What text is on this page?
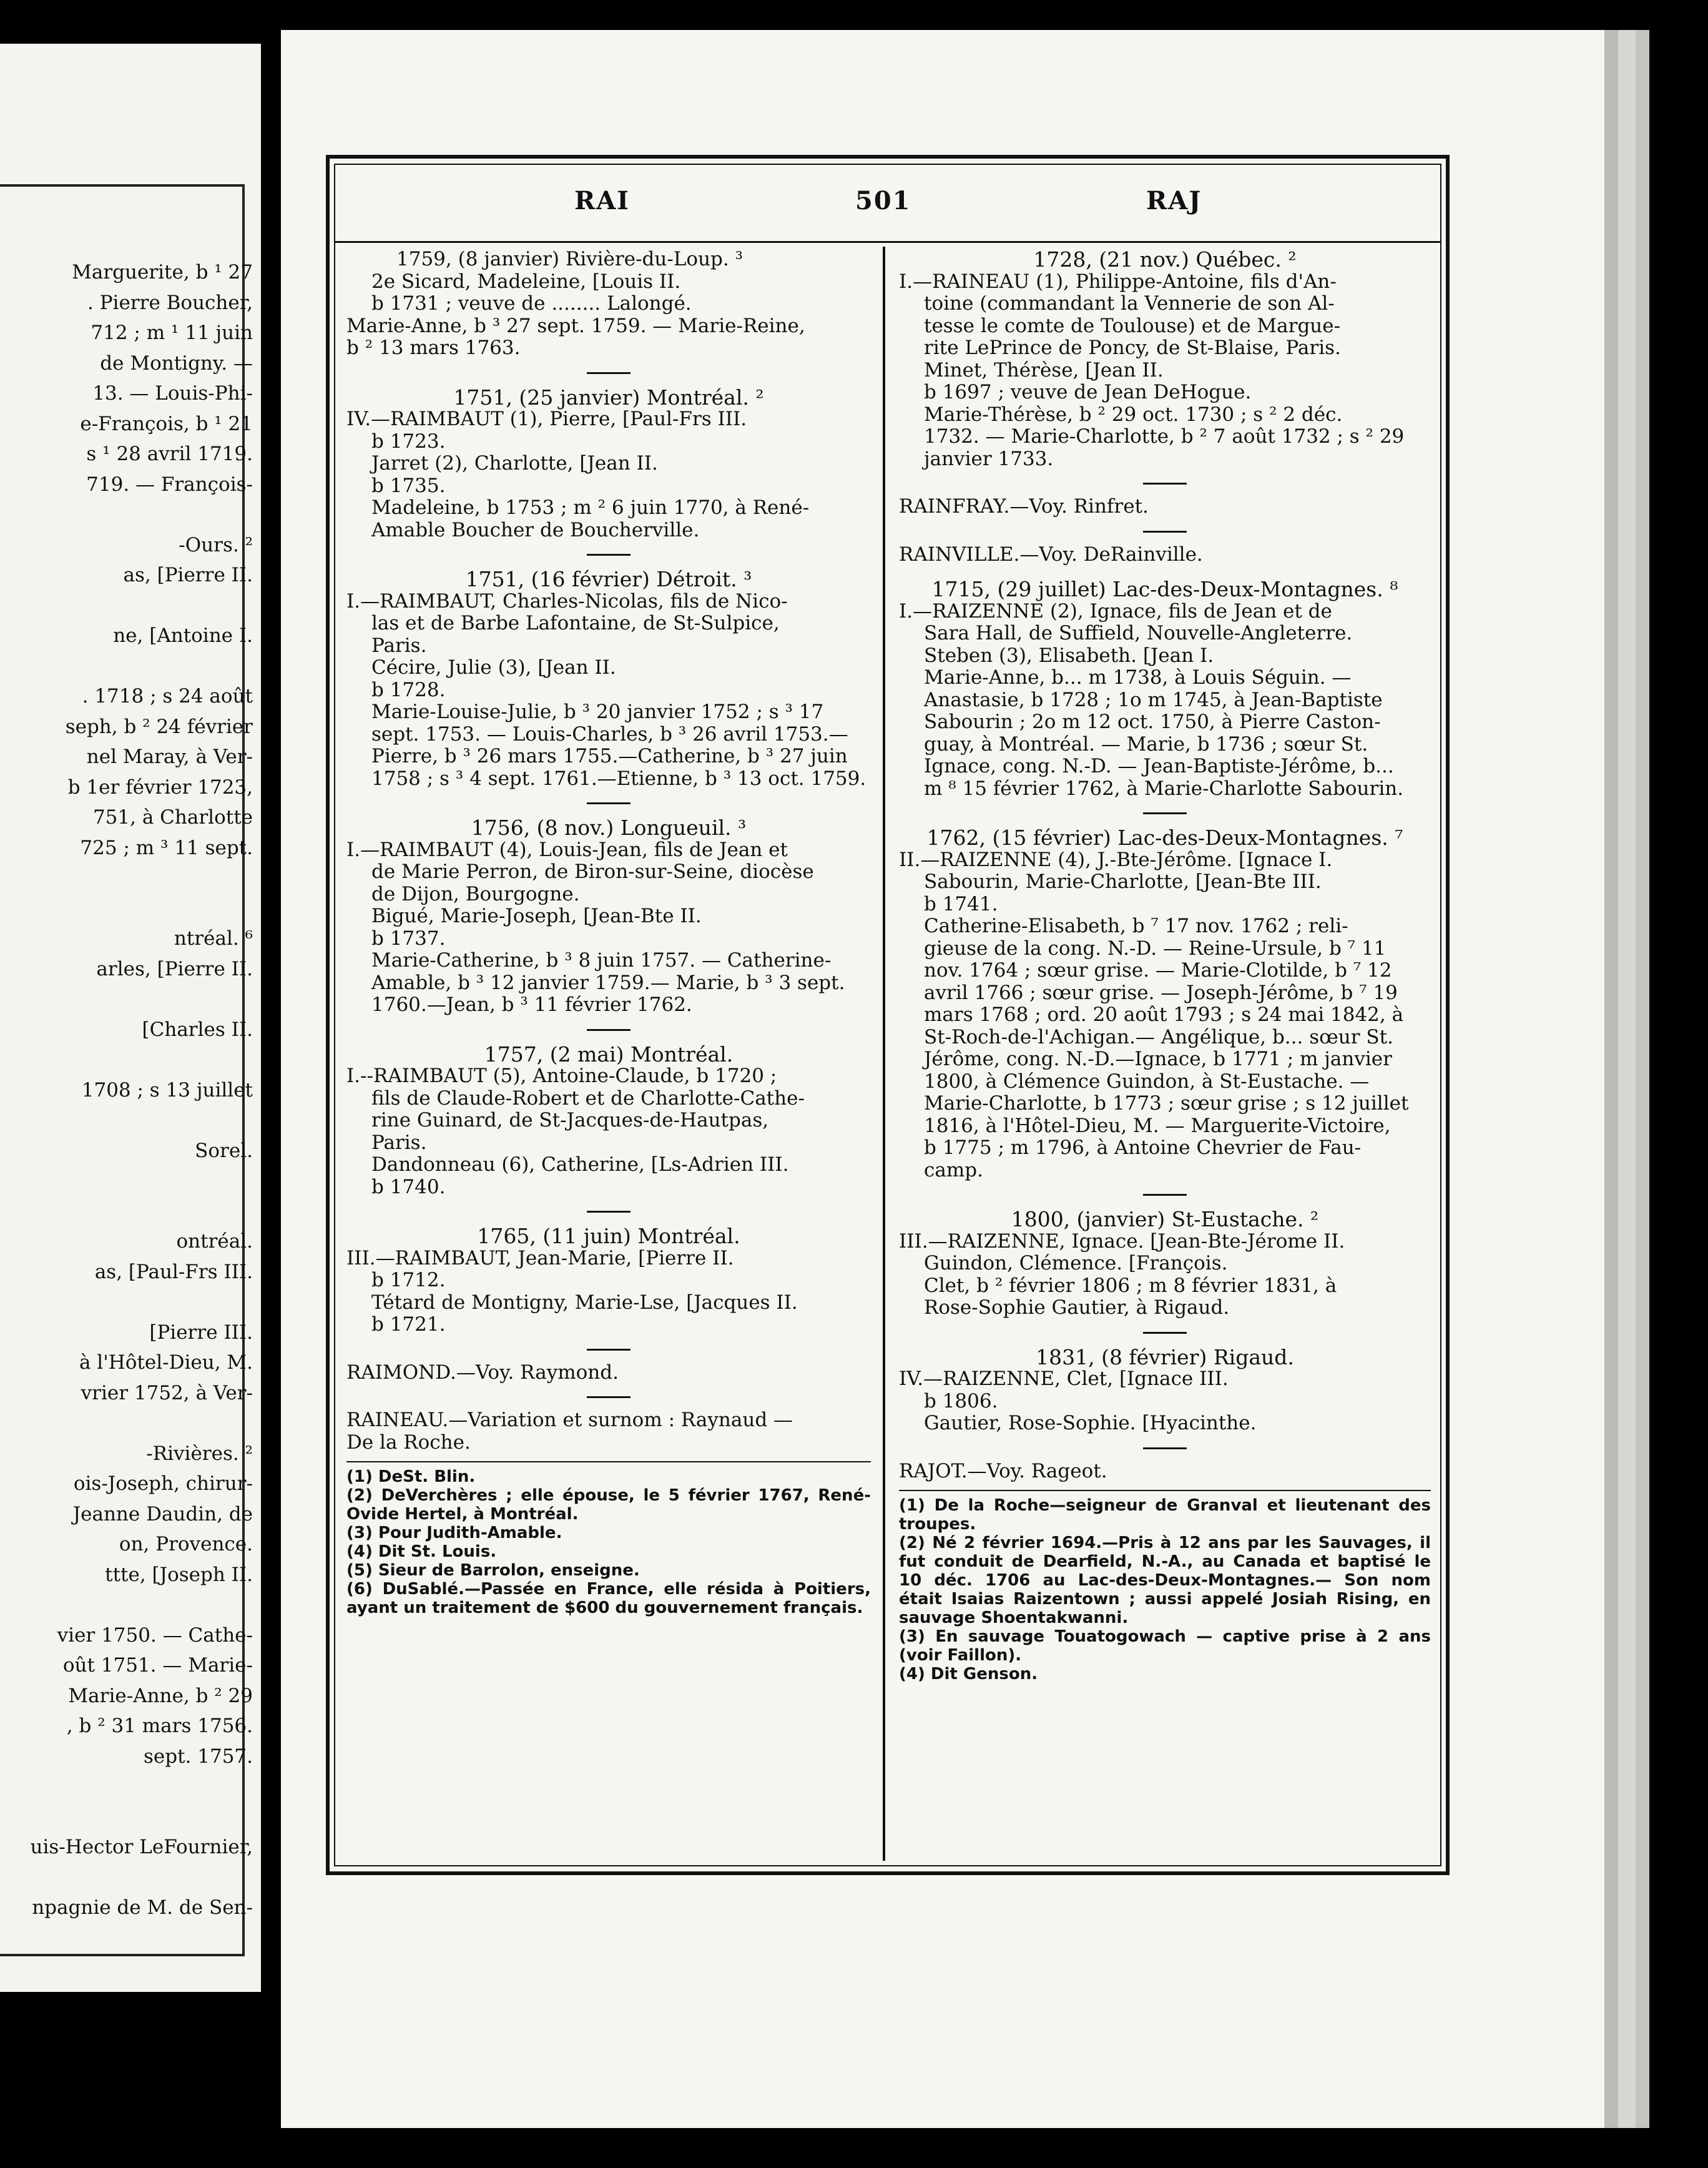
Marguerite, b ¹ 27
. Pierre Boucher,
712 ; m ¹ 11 juin
de Montigny. —
13. — Louis-Phi-
e-François, b ¹ 21
s ¹ 28 avril 1719.
719. — François-
-Ours. ²
as, [Pierre II.
ne, [Antoine I.
. 1718 ; s 24 août
seph, b ² 24 février
nel Maray, à Ver-
b 1er février 1723,
751, à Charlotte
725 ; m ³ 11 sept.
ntréal. ⁶
arles, [Pierre II.
[Charles II.
1708 ; s 13 juillet
Sorel.
ontréal.
as, [Paul-Frs III.
[Pierre III.
à l'Hôtel-Dieu, M.
vrier 1752, à Ver-
-Rivières. ²
ois-Joseph, chirur-
Jeanne Daudin, de
on, Provence.
ttte, [Joseph II.
vier 1750. — Cathe-
oût 1751. — Marie-
Marie-Anne, b ² 29
, b ² 31 mars 1756.
sept. 1757.
uis-Hector LeFournier,
npagnie de M. de Sen-
RAI	501	RAJ

1759, (8 janvier) Rivière-du-Loup. ³

2e Sicard, Madeleine, [Louis II.

b 1731 ; veuve de ........ Lalongé.

Marie-Anne, b ³ 27 sept. 1759. — Marie-Reine,

b ² 13 mars 1763.

1751, (25 janvier) Montréal. ²

IV.—RAIMBAUT (1), Pierre, [Paul-Frs III.

b 1723.

Jarret (2), Charlotte, [Jean II.

b 1735.

Madeleine, b 1753 ; m ² 6 juin 1770, à René-

Amable Boucher de Boucherville.

1751, (16 février) Détroit. ³

I.—RAIMBAUT, Charles-Nicolas, fils de Nico-

las et de Barbe Lafontaine, de St-Sulpice,

Paris.

Cécire, Julie (3), [Jean II.

b 1728.

Marie-Louise-Julie, b ³ 20 janvier 1752 ; s ³ 17

sept. 1753. — Louis-Charles, b ³ 26 avril 1753.—

Pierre, b ³ 26 mars 1755.—Catherine, b ³ 27 juin

1758 ; s ³ 4 sept. 1761.—Etienne, b ³ 13 oct. 1759.

1756, (8 nov.) Longueuil. ³

I.—RAIMBAUT (4), Louis-Jean, fils de Jean et

de Marie Perron, de Biron-sur-Seine, diocèse

de Dijon, Bourgogne.

Bigué, Marie-Joseph, [Jean-Bte II.

b 1737.

Marie-Catherine, b ³ 8 juin 1757. — Catherine-

Amable, b ³ 12 janvier 1759.— Marie, b ³ 3 sept.

1760.—Jean, b ³ 11 février 1762.

1757, (2 mai) Montréal.

I.--RAIMBAUT (5), Antoine-Claude, b 1720 ;

fils de Claude-Robert et de Charlotte-Cathe-

rine Guinard, de St-Jacques-de-Hautpas,

Paris.

Dandonneau (6), Catherine, [Ls-Adrien III.

b 1740.

1765, (11 juin) Montréal.

III.—RAIMBAUT, Jean-Marie, [Pierre II.

b 1712.

Tétard de Montigny, Marie-Lse, [Jacques II.

b 1721.

RAIMOND.—Voy. Raymond.

RAINEAU.—Variation et surnom : Raynaud —

De la Roche.

(1) DeSt. Blin.

(2) DeVerchères ; elle épouse, le 5 février 1767, René-Ovide Hertel, à Montréal.

(3) Pour Judith-Amable.

(4) Dit St. Louis.

(5) Sieur de Barrolon, enseigne.

(6) DuSablé.—Passée en France, elle résida à Poitiers, ayant un traitement de $600 du gouvernement français.

1728, (21 nov.) Québec. ²

I.—RAINEAU (1), Philippe-Antoine, fils d'An-

toine (commandant la Vennerie de son Al-

tesse le comte de Toulouse) et de Margue-

rite LePrince de Poncy, de St-Blaise, Paris.

Minet, Thérèse, [Jean II.

b 1697 ; veuve de Jean DeHogue.

Marie-Thérèse, b ² 29 oct. 1730 ; s ² 2 déc.

1732. — Marie-Charlotte, b ² 7 août 1732 ; s ² 29

janvier 1733.

RAINFRAY.—Voy. Rinfret.

RAINVILLE.—Voy. DeRainville.

1715, (29 juillet) Lac-des-Deux-Montagnes. ⁸

I.—RAIZENNE (2), Ignace, fils de Jean et de

Sara Hall, de Suffield, Nouvelle-Angleterre.

Steben (3), Elisabeth. [Jean I.

Marie-Anne, b... m 1738, à Louis Séguin. —

Anastasie, b 1728 ; 1o m 1745, à Jean-Baptiste

Sabourin ; 2o m 12 oct. 1750, à Pierre Caston-

guay, à Montréal. — Marie, b 1736 ; sœur St.

Ignace, cong. N.-D. — Jean-Baptiste-Jérôme, b...

m ⁸ 15 février 1762, à Marie-Charlotte Sabourin.

1762, (15 février) Lac-des-Deux-Montagnes. ⁷

II.—RAIZENNE (4), J.-Bte-Jérôme. [Ignace I.

Sabourin, Marie-Charlotte, [Jean-Bte III.

b 1741.

Catherine-Elisabeth, b ⁷ 17 nov. 1762 ; reli-

gieuse de la cong. N.-D. — Reine-Ursule, b ⁷ 11

nov. 1764 ; sœur grise. — Marie-Clotilde, b ⁷ 12

avril 1766 ; sœur grise. — Joseph-Jérôme, b ⁷ 19

mars 1768 ; ord. 20 août 1793 ; s 24 mai 1842, à

St-Roch-de-l'Achigan.— Angélique, b... sœur St.

Jérôme, cong. N.-D.—Ignace, b 1771 ; m janvier

1800, à Clémence Guindon, à St-Eustache. —

Marie-Charlotte, b 1773 ; sœur grise ; s 12 juillet

1816, à l'Hôtel-Dieu, M. — Marguerite-Victoire,

b 1775 ; m 1796, à Antoine Chevrier de Fau-

camp.

1800, (janvier) St-Eustache. ²

III.—RAIZENNE, Ignace. [Jean-Bte-Jérome II.

Guindon, Clémence. [François.

Clet, b ² février 1806 ; m 8 février 1831, à

Rose-Sophie Gautier, à Rigaud.

1831, (8 février) Rigaud.

IV.—RAIZENNE, Clet, [Ignace III.

b 1806.

Gautier, Rose-Sophie. [Hyacinthe.

RAJOT.—Voy. Rageot.

(1) De la Roche—seigneur de Granval et lieutenant des troupes.

(2) Né 2 février 1694.—Pris à 12 ans par les Sauvages, il fut conduit de Dearfield, N.-A., au Canada et baptisé le 10 déc. 1706 au Lac-des-Deux-Montagnes.— Son nom était Isaias Raizentown ; aussi appelé Josiah Rising, en sauvage Shoentakwanni.

(3) En sauvage Touatogowach — captive prise à 2 ans (voir Faillon).

(4) Dit Genson.
